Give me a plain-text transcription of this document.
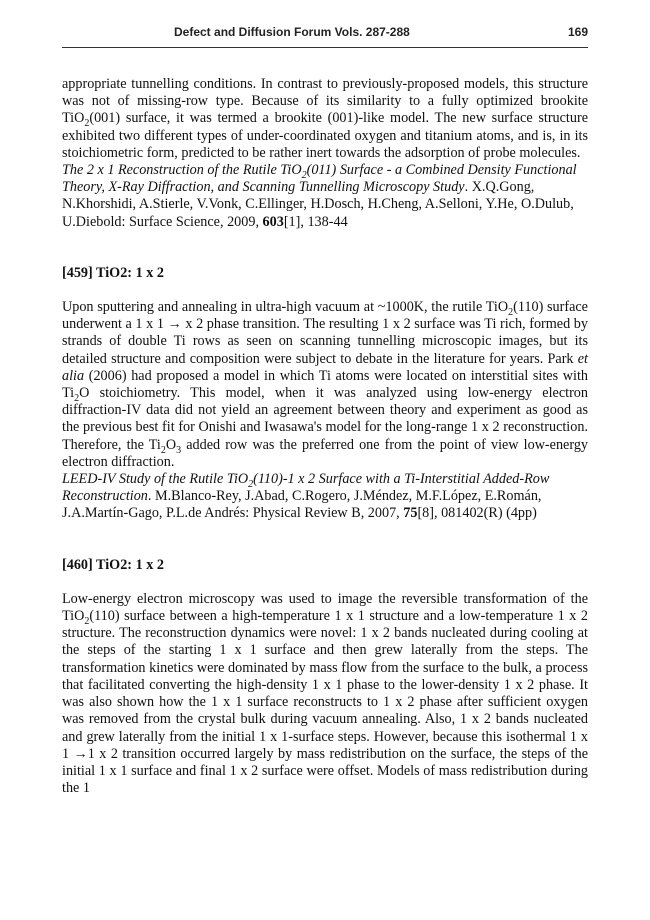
Defect and Diffusion Forum Vols. 287-288	169

appropriate tunnelling conditions. In contrast to previously-proposed models, this structure was not of missing-row type. Because of its similarity to a fully optimized brookite TiO$_2$(001) surface, it was termed a brookite (001)-like model. The new surface structure exhibited two different types of under-coordinated oxygen and titanium atoms, and is, in its stoichiometric form, predicted to be rather inert towards the adsorption of probe molecules.

The 2 x 1 Reconstruction of the Rutile TiO$_2$(011) Surface - a Combined Density Functional Theory, X-Ray Diffraction, and Scanning Tunnelling Microscopy Study. X.Q.Gong, N.Khorshidi, A.Stierle, V.Vonk, C.Ellinger, H.Dosch, H.Cheng, A.Selloni, Y.He, O.Dulub, U.Diebold: Surface Science, 2009, 603[1], 138-44

[459] TiO2: 1 x 2

Upon sputtering and annealing in ultra-high vacuum at ~1000K, the rutile TiO$_2$(110) surface underwent a 1 x 1 → x 2 phase transition. The resulting 1 x 2 surface was Ti rich, formed by strands of double Ti rows as seen on scanning tunnelling microscopic images, but its detailed structure and composition were subject to debate in the literature for years. Park et alia (2006) had proposed a model in which Ti atoms were located on interstitial sites with $Ti_2O$ stoichiometry. This model, when it was analyzed using low-energy electron diffraction-IV data did not yield an agreement between theory and experiment as good as the previous best fit for Onishi and Iwasawa's model for the long-range 1 x 2 reconstruction. Therefore, the $Ti_2O_3$ added row was the preferred one from the point of view low-energy electron diffraction.

LEED-IV Study of the Rutile TiO$_2$(110)-1 x 2 Surface with a Ti-Interstitial Added-Row Reconstruction. M.Blanco-Rey, J.Abad, C.Rogero, J.Méndez, M.F.López, E.Román, J.A.Martín-Gago, P.L.de Andrés: Physical Review B, 2007, 75[8], 081402(R) (4pp)

[460] TiO2: 1 x 2

Low-energy electron microscopy was used to image the reversible transformation of the TiO$_2$(110) surface between a high-temperature 1 x 1 structure and a low-temperature 1 x 2 structure. The reconstruction dynamics were novel: 1 x 2 bands nucleated during cooling at the steps of the starting 1 x 1 surface and then grew laterally from the steps. The transformation kinetics were dominated by mass flow from the surface to the bulk, a process that facilitated converting the high-density 1 x 1 phase to the lower-density 1 x 2 phase. It was also shown how the 1 x 1 surface reconstructs to 1 x 2 phase after sufficient oxygen was removed from the crystal bulk during vacuum annealing. Also, 1 x 2 bands nucleated and grew laterally from the initial 1 x 1-surface steps. However, because this isothermal 1 x 1 →1 x 2 transition occurred largely by mass redistribution on the surface, the steps of the initial 1 x 1 surface and final 1 x 2 surface were offset. Models of mass redistribution during the 1
